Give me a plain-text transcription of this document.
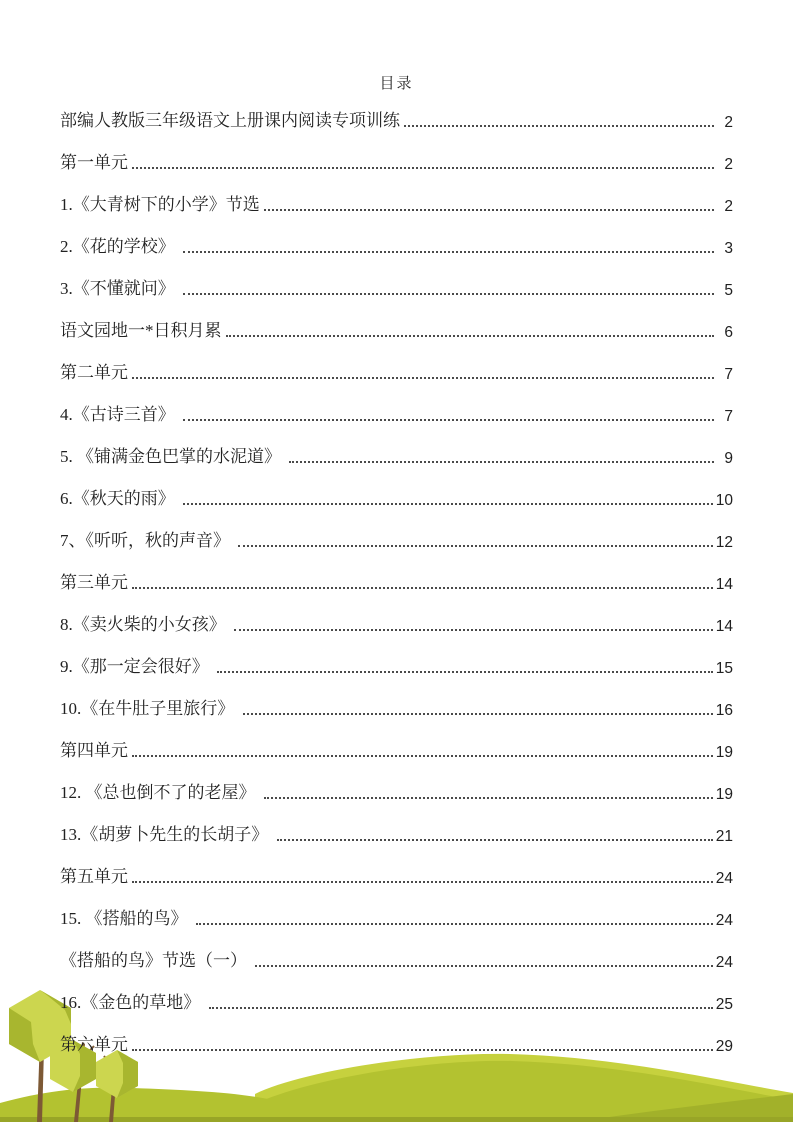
目录
部编人教版三年级语文上册课内阅读专项训练	2
第一单元	2
1.《大青树下的小学》节选	2
2.《花的学校》	3
3.《不懂就问》	5
语文园地一*日积月累	6
第二单元	7
4.《古诗三首》	7
5. 《铺满金色巴掌的水泥道》	9
6.《秋天的雨》	10
7、《听听，秋的声音》	12
第三单元	14
8.《卖火柴的小女孩》	14
9.《那一定会很好》	15
10.《在牛肚子里旅行》	16
第四单元	19
12. 《总也倒不了的老屋》	19
13.《胡萝卜先生的长胡子》	21
第五单元	24
15. 《搭船的鸟》	24
《搭船的鸟》节选（一）	24
16.《金色的草地》	25
第六单元	29
